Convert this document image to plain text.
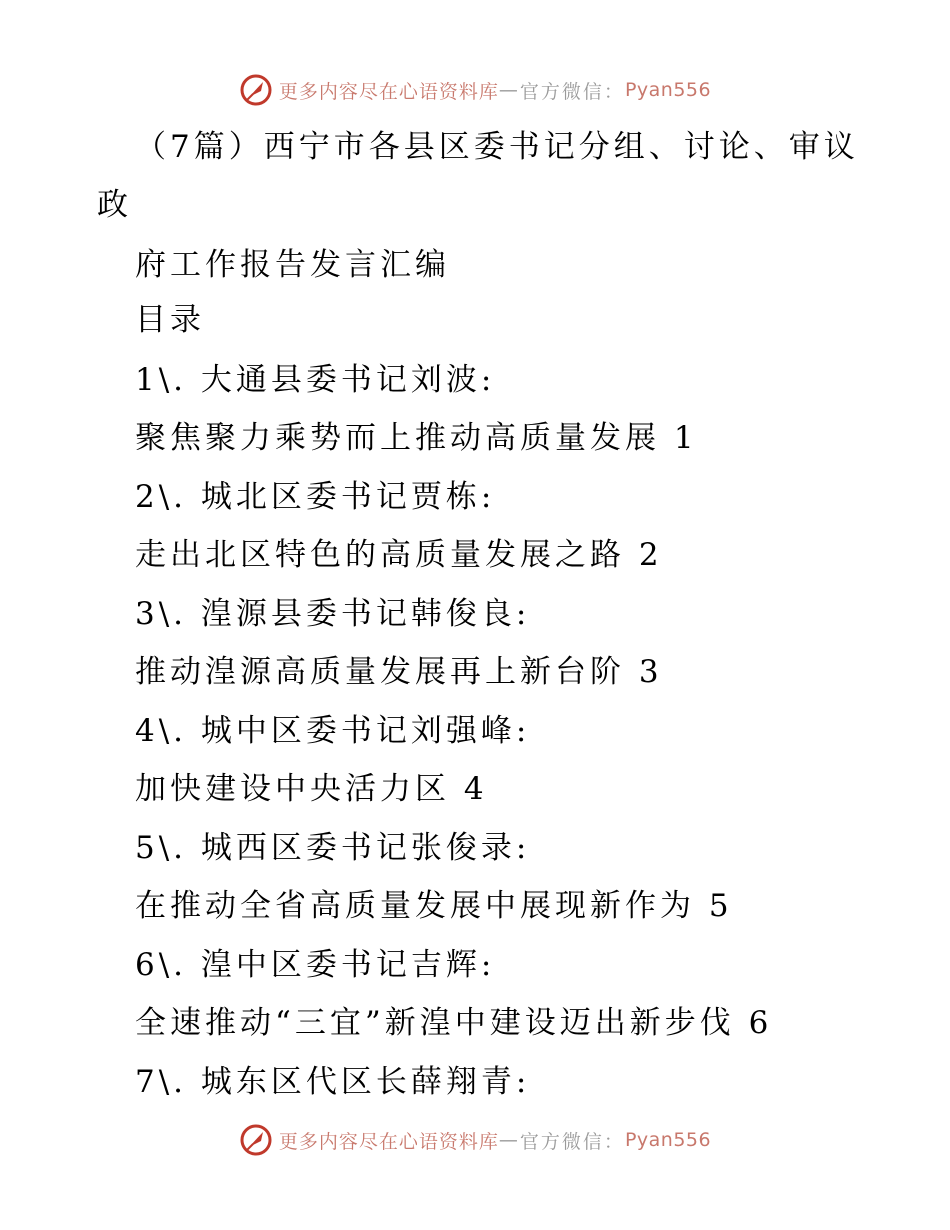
更多内容尽在心语资料库 — 官方微信： Pyan556
（7篇）西宁市各县区委书记分组、讨论、审议
政
府工作报告发言汇编
目录
1\. 大通县委书记刘波:
聚焦聚力乘势而上推动高质量发展 1
2\. 城北区委书记贾栋:
走出北区特色的高质量发展之路 2
3\. 湟源县委书记韩俊良:
推动湟源高质量发展再上新台阶 3
4\. 城中区委书记刘强峰:
加快建设中央活力区 4
5\. 城西区委书记张俊录:
在推动全省高质量发展中展现新作为 5
6\. 湟中区委书记吉辉:
全速推动“三宜”新湟中建设迈出新步伐 6
7\. 城东区代区长薛翔青:
更多内容尽在心语资料库 — 官方微信： Pyan556
